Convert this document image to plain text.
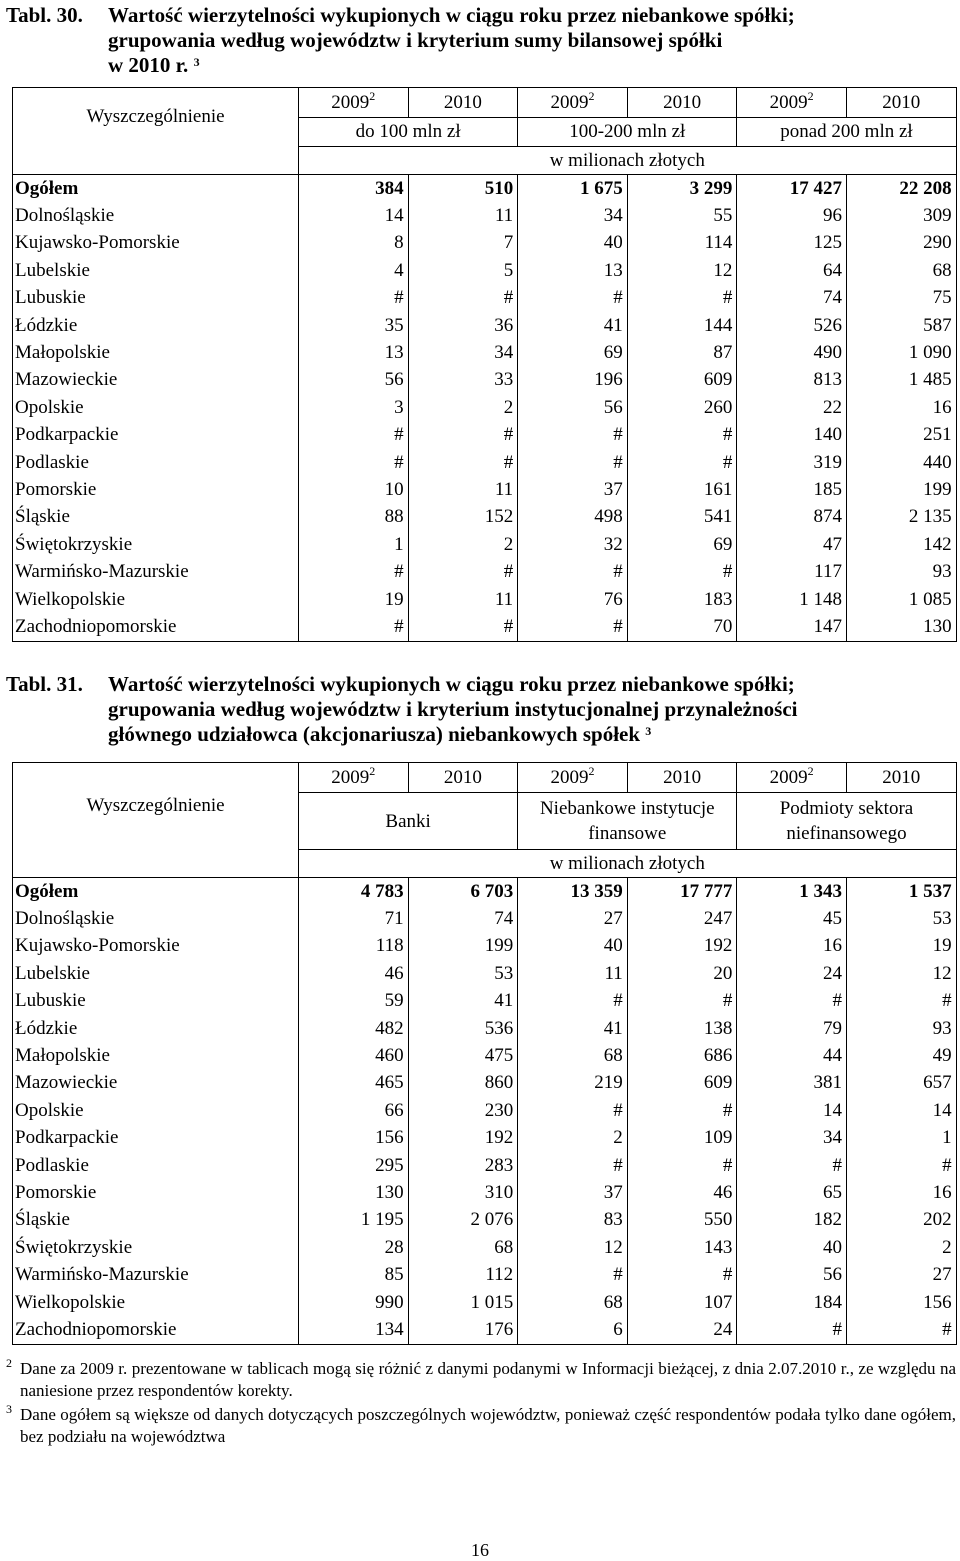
Tabl. 30. Wartość wierzytelności wykupionych w ciągu roku przez niebankowe spółki;
grupowania według województw i kryterium sumy bilansowej spółki
w 2010 r. $^3$
Wyszczególnienie	2009$^2$	2010	2009$^2$	2010	2009$^2$	2010
	do 100 mln zł		100-200 mln zł		ponad 200 mln zł	
	w milionach złotych					
Ogółem	384	510	1 675	3 299	17 427	22 208
Dolnośląskie	14	11	34	55	96	309
Kujawsko-Pomorskie	8	7	40	114	125	290
Lubelskie	4	5	13	12	64	68
Lubuskie	#	#	#	#	74	75
Łódzkie	35	36	41	144	526	587
Małopolskie	13	34	69	87	490	1 090
Mazowieckie	56	33	196	609	813	1 485
Opolskie	3	2	56	260	22	16
Podkarpackie	#	#	#	#	140	251
Podlaskie	#	#	#	#	319	440
Pomorskie	10	11	37	161	185	199
Śląskie	88	152	498	541	874	2 135
Świętokrzyskie	1	2	32	69	47	142
Warmińsko-Mazurskie	#	#	#	#	117	93
Wielkopolskie	19	11	76	183	1 148	1 085
Zachodniopomorskie	#	#	#	70	147	130
Tabl. 31. Wartość wierzytelności wykupionych w ciągu roku przez niebankowe spółki;
grupowania według województw i kryterium instytucjonalnej przynależności
głównego udziałowca (akcjonariusza) niebankowych spółek $^3$
Wyszczególnienie	2009$^2$	2010	2009$^2$	2010	2009$^2$	2010
	Banki		Niebankowe instytucje finansowe		Podmioty sektora niefinansowego	
	w milionach złotych					
Ogółem	4 783	6 703	13 359	17 777	1 343	1 537
Dolnośląskie	71	74	27	247	45	53
Kujawsko-Pomorskie	118	199	40	192	16	19
Lubelskie	46	53	11	20	24	12
Lubuskie	59	41	#	#	#	#
Łódzkie	482	536	41	138	79	93
Małopolskie	460	475	68	686	44	49
Mazowieckie	465	860	219	609	381	657
Opolskie	66	230	#	#	14	14
Podkarpackie	156	192	2	109	34	1
Podlaskie	295	283	#	#	#	#
Pomorskie	130	310	37	46	65	16
Śląskie	1 195	2 076	83	550	182	202
Świętokrzyskie	28	68	12	143	40	2
Warmińsko-Mazurskie	85	112	#	#	56	27
Wielkopolskie	990	1 015	68	107	184	156
Zachodniopomorskie	134	176	6	24	#	#
2 Dane za 2009 r. prezentowane w tablicach mogą się różnić z danymi podanymi w Informacji bieżącej, z dnia 2.07.2010 r., ze względu na naniesione przez respondentów korekty.
3 Dane ogółem są większe od danych dotyczących poszczególnych województw, ponieważ część respondentów podała tylko dane ogółem, bez podziału na województwa
16
